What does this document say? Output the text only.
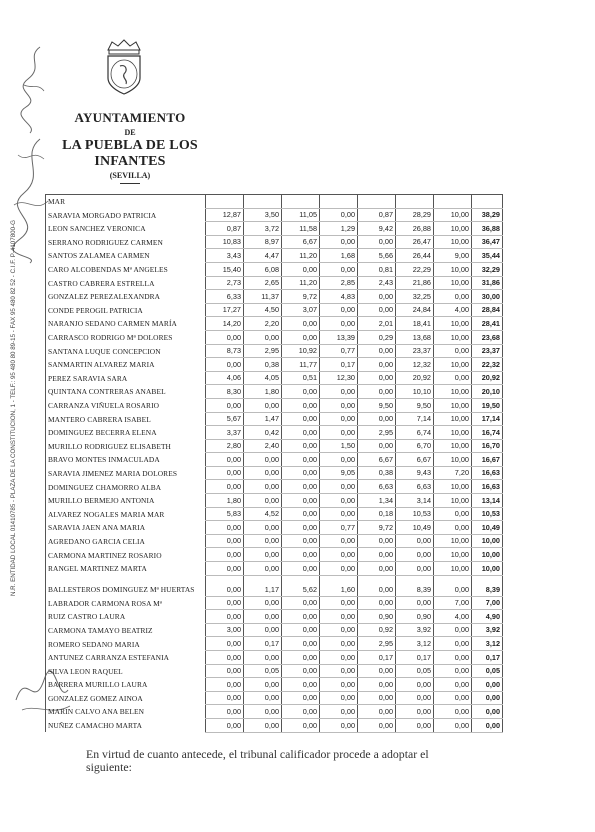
AYUNTAMIENTO
DE
LA PUEBLA DE LOS INFANTES
(SEVILLA)
N.R. ENTIDAD LOCAL 01410785 - PLAZA DE LA CONSTITUCION, 1 - TELF.: 95 480 80 89-15 - FAX 95 480 82 52 - C.I.F. P-4107800-G
MAR								
SARAVIA MORGADO PATRICIA	12,87	3,50	11,05	0,00	0,87	28,29	10,00	38,29
LEON SANCHEZ VERONICA	0,87	3,72	11,58	1,29	9,42	26,88	10,00	36,88
SERRANO RODRIGUEZ CARMEN	10,83	8,97	6,67	0,00	0,00	26,47	10,00	36,47
SANTOS ZALAMEA CARMEN	3,43	4,47	11,20	1,68	5,66	26,44	9,00	35,44
CARO ALCOBENDAS Mª ANGELES	15,40	6,08	0,00	0,00	0,81	22,29	10,00	32,29
CASTRO CABRERA ESTRELLA	2,73	2,65	11,20	2,85	2,43	21,86	10,00	31,86
GONZALEZ PEREZALEXANDRA	6,33	11,37	9,72	4,83	0,00	32,25	0,00	30,00
CONDE PEROGIL PATRICIA	17,27	4,50	3,07	0,00	0,00	24,84	4,00	28,84
NARANJO SEDANO CARMEN MARÍA	14,20	2,20	0,00	0,00	2,01	18,41	10,00	28,41
CARRASCO RODRIGO Mª DOLORES	0,00	0,00	0,00	13,39	0,29	13,68	10,00	23,68
SANTANA LUQUE CONCEPCION	8,73	2,95	10,92	0,77	0,00	23,37	0,00	23,37
SANMARTIN ALVAREZ MARIA	0,00	0,38	11,77	0,17	0,00	12,32	10,00	22,32
PEREZ SARAVIA SARA	4,06	4,05	0,51	12,30	0,00	20,92	0,00	20,92
QUINTANA CONTRERAS ANABEL	8,30	1,80	0,00	0,00	0,00	10,10	10,00	20,10
CARRANZA VIÑUELA ROSARIO	0,00	0,00	0,00	0,00	9,50	9,50	10,00	19,50
MANTERO CABRERA ISABEL	5,67	1,47	0,00	0,00	0,00	7,14	10,00	17,14
DOMINGUEZ BECERRA ELENA	3,37	0,42	0,00	0,00	2,95	6,74	10,00	16,74
MURILLO RODRIGUEZ ELISABETH	2,80	2,40	0,00	1,50	0,00	6,70	10,00	16,70
BRAVO MONTES INMACULADA	0,00	0,00	0,00	0,00	6,67	6,67	10,00	16,67
SARAVIA JIMENEZ MARIA DOLORES	0,00	0,00	0,00	9,05	0,38	9,43	7,20	16,63
DOMINGUEZ CHAMORRO ALBA	0,00	0,00	0,00	0,00	6,63	6,63	10,00	16,63
MURILLO BERMEJO ANTONIA	1,80	0,00	0,00	0,00	1,34	3,14	10,00	13,14
ALVAREZ NOGALES MARIA MAR	5,83	4,52	0,00	0,00	0,18	10,53	0,00	10,53
SARAVIA JAEN ANA MARIA	0,00	0,00	0,00	0,77	9,72	10,49	0,00	10,49
AGREDANO GARCIA CELIA	0,00	0,00	0,00	0,00	0,00	0,00	10,00	10,00
CARMONA MARTINEZ ROSARIO	0,00	0,00	0,00	0,00	0,00	0,00	10,00	10,00
RANGEL MARTINEZ MARTA	0,00	0,00	0,00	0,00	0,00	0,00	10,00	10,00
BALLESTEROS DOMINGUEZ Mª HUERTAS	0,00	1,17	5,62	1,60	0,00	8,39	0,00	8,39
LABRADOR CARMONA ROSA Mª	0,00	0,00	0,00	0,00	0,00	0,00	7,00	7,00
RUIZ CASTRO LAURA	0,00	0,00	0,00	0,00	0,90	0,90	4,00	4,90
CARMONA TAMAYO BEATRIZ	3,00	0,00	0,00	0,00	0,92	3,92	0,00	3,92
ROMERO SEDANO MARIA	0,00	0,17	0,00	0,00	2,95	3,12	0,00	3,12
ANTUNEZ CARRANZA ESTEFANIA	0,00	0,00	0,00	0,00	0,17	0,17	0,00	0,17
SILVA LEON RAQUEL	0,00	0,05	0,00	0,00	0,00	0,05	0,00	0,05
BARRERA MURILLO LAURA	0,00	0,00	0,00	0,00	0,00	0,00	0,00	0,00
GONZALEZ GOMEZ AINOA	0,00	0,00	0,00	0,00	0,00	0,00	0,00	0,00
MARIN CALVO ANA BELEN	0,00	0,00	0,00	0,00	0,00	0,00	0,00	0,00
NUÑEZ CAMACHO MARTA	0,00	0,00	0,00	0,00	0,00	0,00	0,00	0,00
En virtud de cuanto antecede, el tribunal calificador procede a adoptar el siguiente:
